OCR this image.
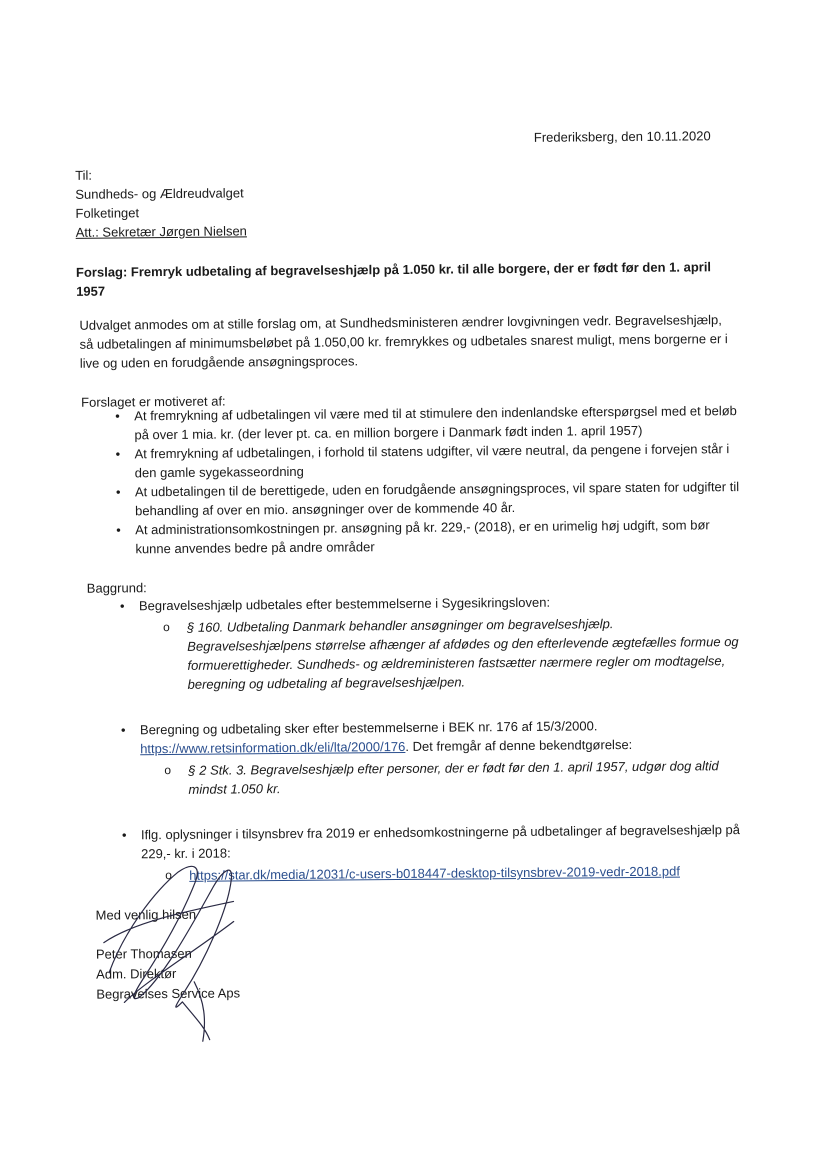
Frederiksberg, den 10.11.2020

Til:
Sundheds- og Ældreudvalget
Folketinget
Att.: Sekretær Jørgen Nielsen

Forslag: Fremryk udbetaling af begravelseshjælp på 1.050 kr. til alle borgere, der er født før den 1. april 1957

Udvalget anmodes om at stille forslag om, at Sundhedsministeren ændrer lovgivningen vedr. Begravelseshjælp, så udbetalingen af minimumsbeløbet på 1.050,00 kr. fremrykkes og udbetales snarest muligt, mens borgerne er i live og uden en forudgående ansøgningsproces.

Forslaget er motiveret af:

• At fremrykning af udbetalingen vil være med til at stimulere den indenlandske efterspørgsel med et beløb på over 1 mia. kr. (der lever pt. ca. en million borgere i Danmark født inden 1. april 1957)
• At fremrykning af udbetalingen, i forhold til statens udgifter, vil være neutral, da pengene i forvejen står i den gamle sygekasseordning
• At udbetalingen til de berettigede, uden en forudgående ansøgningsproces, vil spare staten for udgifter til behandling af over en mio. ansøgninger over de kommende 40 år.
• At administrationsomkostningen pr. ansøgning på kr. 229,- (2018), er en urimelig høj udgift, som bør kunne anvendes bedre på andre områder

Baggrund:

• Begravelseshjælp udbetales efter bestemmelserne i Sygesikringsloven:
o § 160. Udbetaling Danmark behandler ansøgninger om begravelseshjælp. Begravelseshjælpens størrelse afhænger af afdødes og den efterlevende ægtefælles formue og formuerettigheder. Sundheds- og ældreministeren fastsætter nærmere regler om modtagelse, beregning og udbetaling af begravelseshjælpen.
• Beregning og udbetaling sker efter bestemmelserne i BEK nr. 176 af 15/3/2000. https://www.retsinformation.dk/eli/lta/2000/176. Det fremgår af denne bekendtgørelse:
o § 2 Stk. 3. Begravelseshjælp efter personer, der er født før den 1. april 1957, udgør dog altid mindst 1.050 kr.
• Iflg. oplysninger i tilsynsbrev fra 2019 er enhedsomkostningerne på udbetalinger af begravelseshjælp på 229,- kr. i 2018:
o https://star.dk/media/12031/c-users-b018447-desktop-tilsynsbrev-2019-vedr-2018.pdf
Med venlig hilsen
Peter Thomasen
Adm. Direktør
Begravelses Service Aps
